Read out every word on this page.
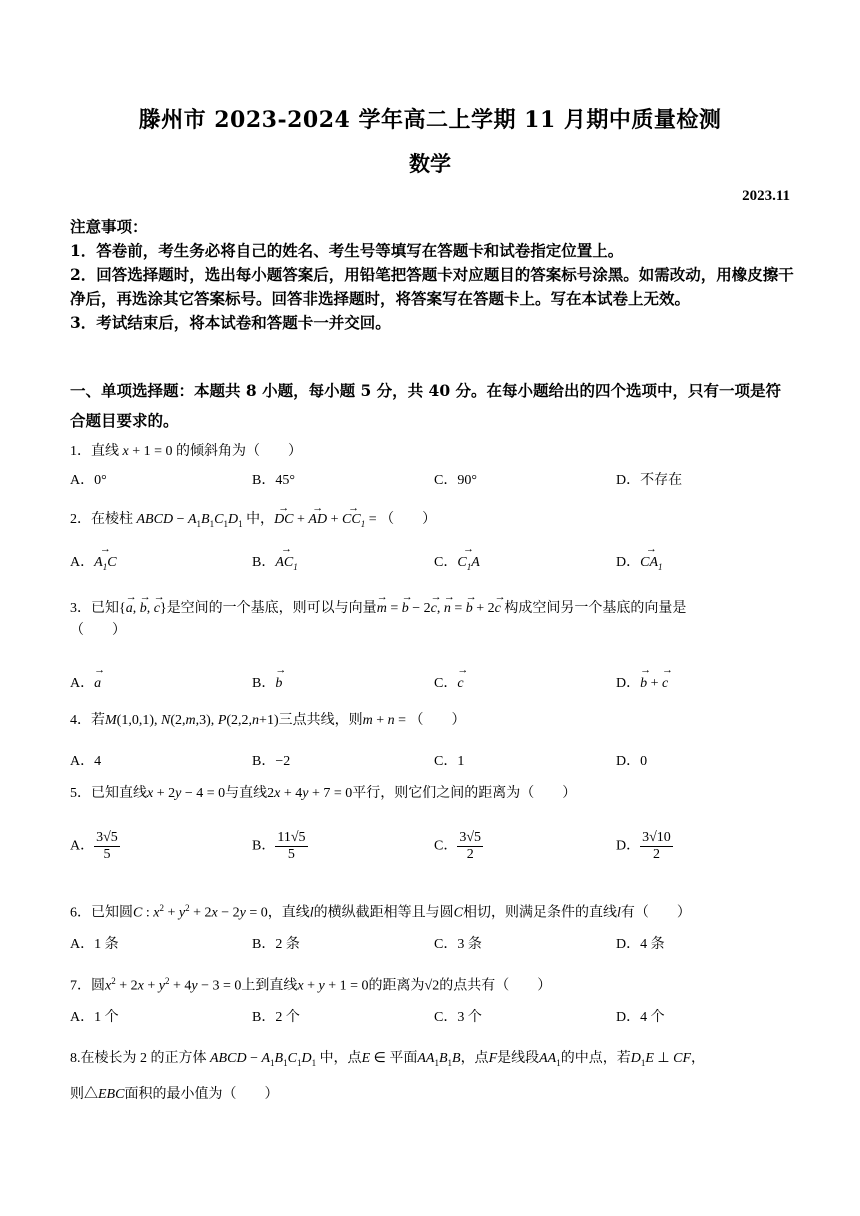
滕州市 2023-2024 学年高二上学期 11 月期中质量检测
数学
2023.11

注意事项：

1．答卷前，考生务必将自己的姓名、考生号等填写在答题卡和试卷指定位置上。

2．回答选择题时，选出每小题答案后，用铅笔把答题卡对应题目的答案标号涂黑。如需改动，用橡皮擦干净后，再选涂其它答案标号。回答非选择题时，将答案写在答题卡上。写在本试卷上无效。

3．考试结束后，将本试卷和答题卡一并交回。

一、单项选择题：本题共 8 小题，每小题 5 分，共 40 分。在每小题给出的四个选项中，只有一项是符合题目要求的。
1．直线 x + 1 = 0 的倾斜角为（　　）
A．0°	B．45°	C．90°	D．不存在
2．在棱柱 ABCD − $A_1B_1C_1D_1$ 中，→ DC + → AD + → $CC_1$ = （　　）
A．→ $A_1C$	B．→ $AC_1$	C．→ $C_1A$	D．→ $CA_1$
3．已知{→ a, → b, → c}是空间的一个基底，则可以与向量→ m = → b − 2→ c, → n = → b + 2→ c 构成空间另一个基底的向量是
（　　）
A．→ a	B．→ b	C．→ c	D．→ b + → c
4．若M(1,0,1), N(2,m,3), P(2,2,n+1)三点共线，则m + n = （　　）
A．4	B．−2	C．1	D．0
5．已知直线x + 2y − 4 = 0与直线2x + 4y + 7 = 0平行，则它们之间的距离为（　　）
A． $\frac{3√5}{5}$	B． $\frac{11√5}{5}$	C． $\frac{3√5}{2}$	D． $\frac{3√10}{2}$
6．已知圆C : $x^2 + y^2 + 2x - 2y = 0$，直线l的横纵截距相等且与圆C相切，则满足条件的直线l有（　　）
A．1 条	B．2 条	C．3 条	D．4 条
7．圆$x^2 + 2x + y^2 + 4y - 3 = 0$上到直线x + y + 1 = 0的距离为√2的点共有（　　）
A．1 个	B．2 个	C．3 个	D．4 个
8.在棱长为 2 的正方体 ABCD − $A_1B_1C_1D_1$ 中，点E ∈ 平面$AA_1B_1B$，点F是线段$AA_1$的中点，若$D_1E$ ⊥ CF，
则△EBC面积的最小值为（　　）
